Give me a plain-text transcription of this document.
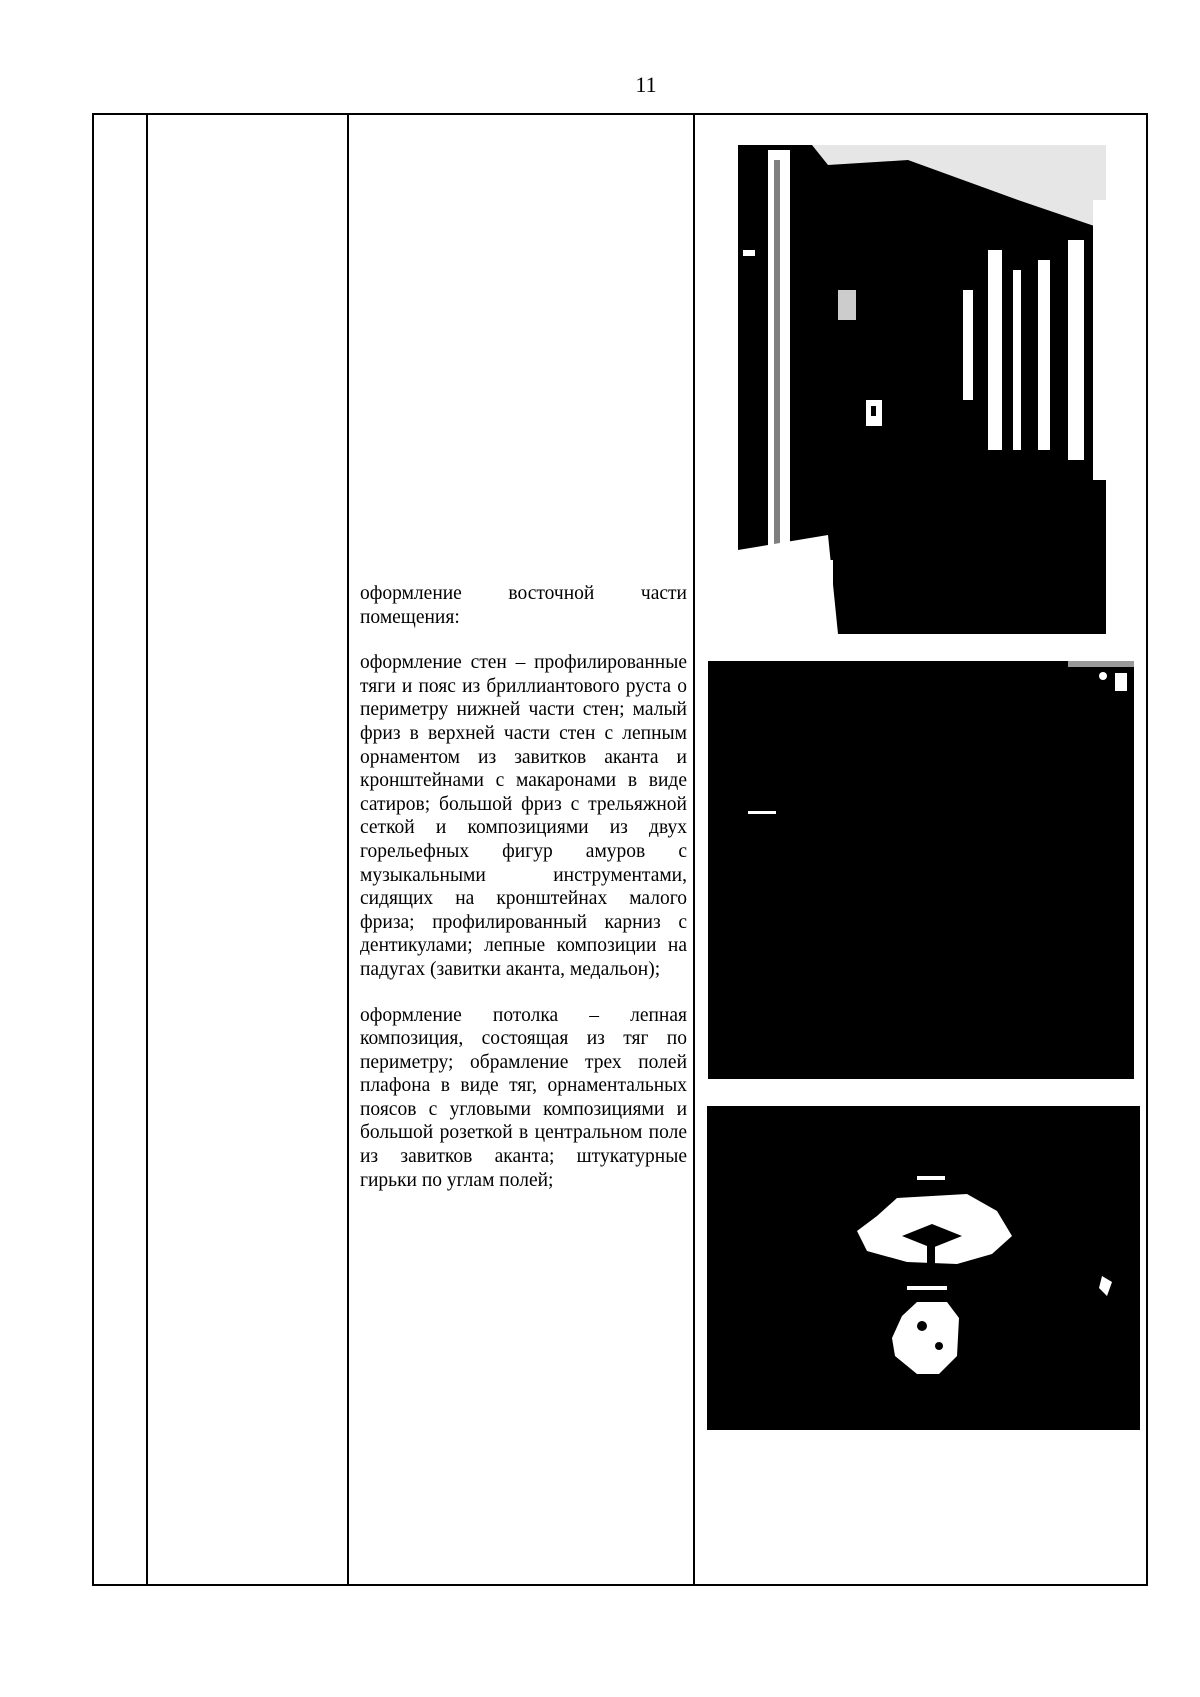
11

оформление восточной части помещения:

оформление стен – профилированные тяги и пояс из бриллиантового руста о периметру нижней части стен; малый фриз в верхней части стен с лепным орнаментом из завитков аканта и кронштейнами с макаронами в виде сатиров; большой фриз с трельяжной сеткой и композициями из двух горельефных фигур амуров с музыкальными инструментами, сидящих на кронштейнах малого фриза; профилированный карниз с дентикулами; лепные композиции на падугах (завитки аканта, медальон);

оформление потолка – лепная композиция, состоящая из тяг по периметру; обрамление трех полей плафона в виде тяг, орнаментальных поясов с угловыми композициями и большой розеткой в центральном поле из завитков аканта; штукатурные гирьки по углам полей;
